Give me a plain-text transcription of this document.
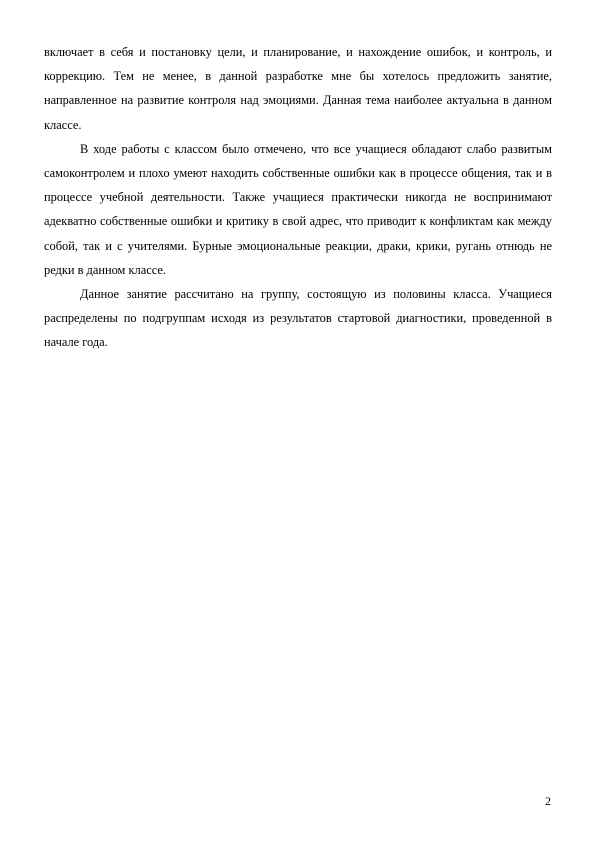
включает в себя и постановку цели, и планирование, и нахождение ошибок, и контроль, и коррекцию. Тем не менее, в данной разработке мне бы хотелось предложить занятие, направленное на развитие контроля над эмоциями. Данная тема наиболее актуальна в данном классе.

В ходе работы с классом было отмечено, что все учащиеся обладают слабо развитым самоконтролем и плохо умеют находить собственные ошибки как в процессе общения, так и в процессе учебной деятельности. Также учащиеся практически никогда не воспринимают адекватно собственные ошибки и критику в свой адрес, что приводит к конфликтам как между собой, так и с учителями. Бурные эмоциональные реакции, драки, крики, ругань отнюдь не редки в данном классе.

Данное занятие рассчитано на группу, состоящую из половины класса. Учащиеся распределены по подгруппам исходя из результатов стартовой диагностики, проведенной в начале года.

2
